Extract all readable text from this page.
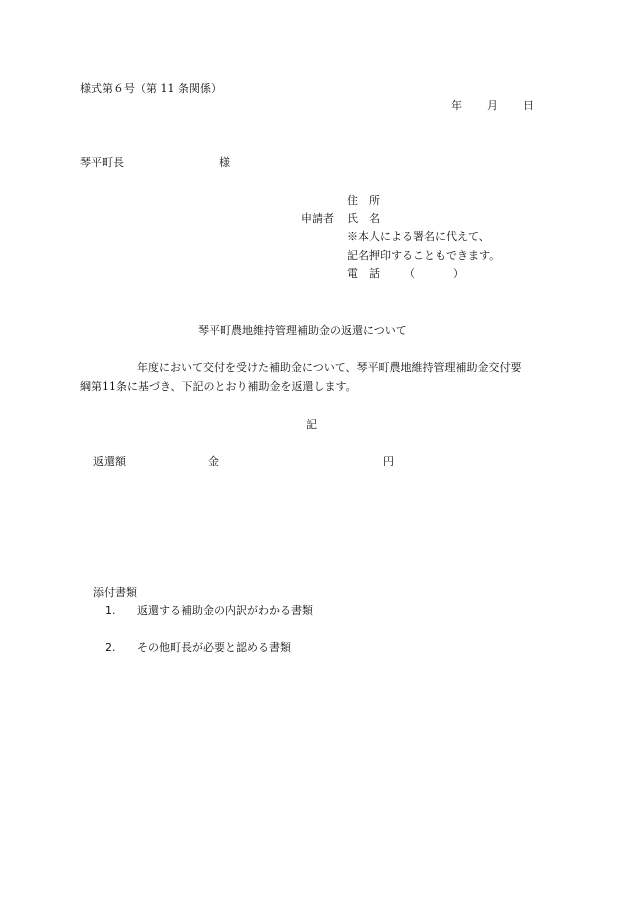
様式第６号（第 11 条関係）
年 月 日
琴平町長	様
住　所
申請者 氏　名
※本人による署名に代えて、
記名押印することもできます。
電　話 （	）
琴平町農地維持管理補助金の返還について
年度において交付を受けた補助金について、琴平町農地維持管理補助金交付要
綱第11条に基づき、下記のとおり補助金を返還します。
記
返還額	金	円
添付書類
1. 返還する補助金の内訳がわかる書類
2. その他町長が必要と認める書類
